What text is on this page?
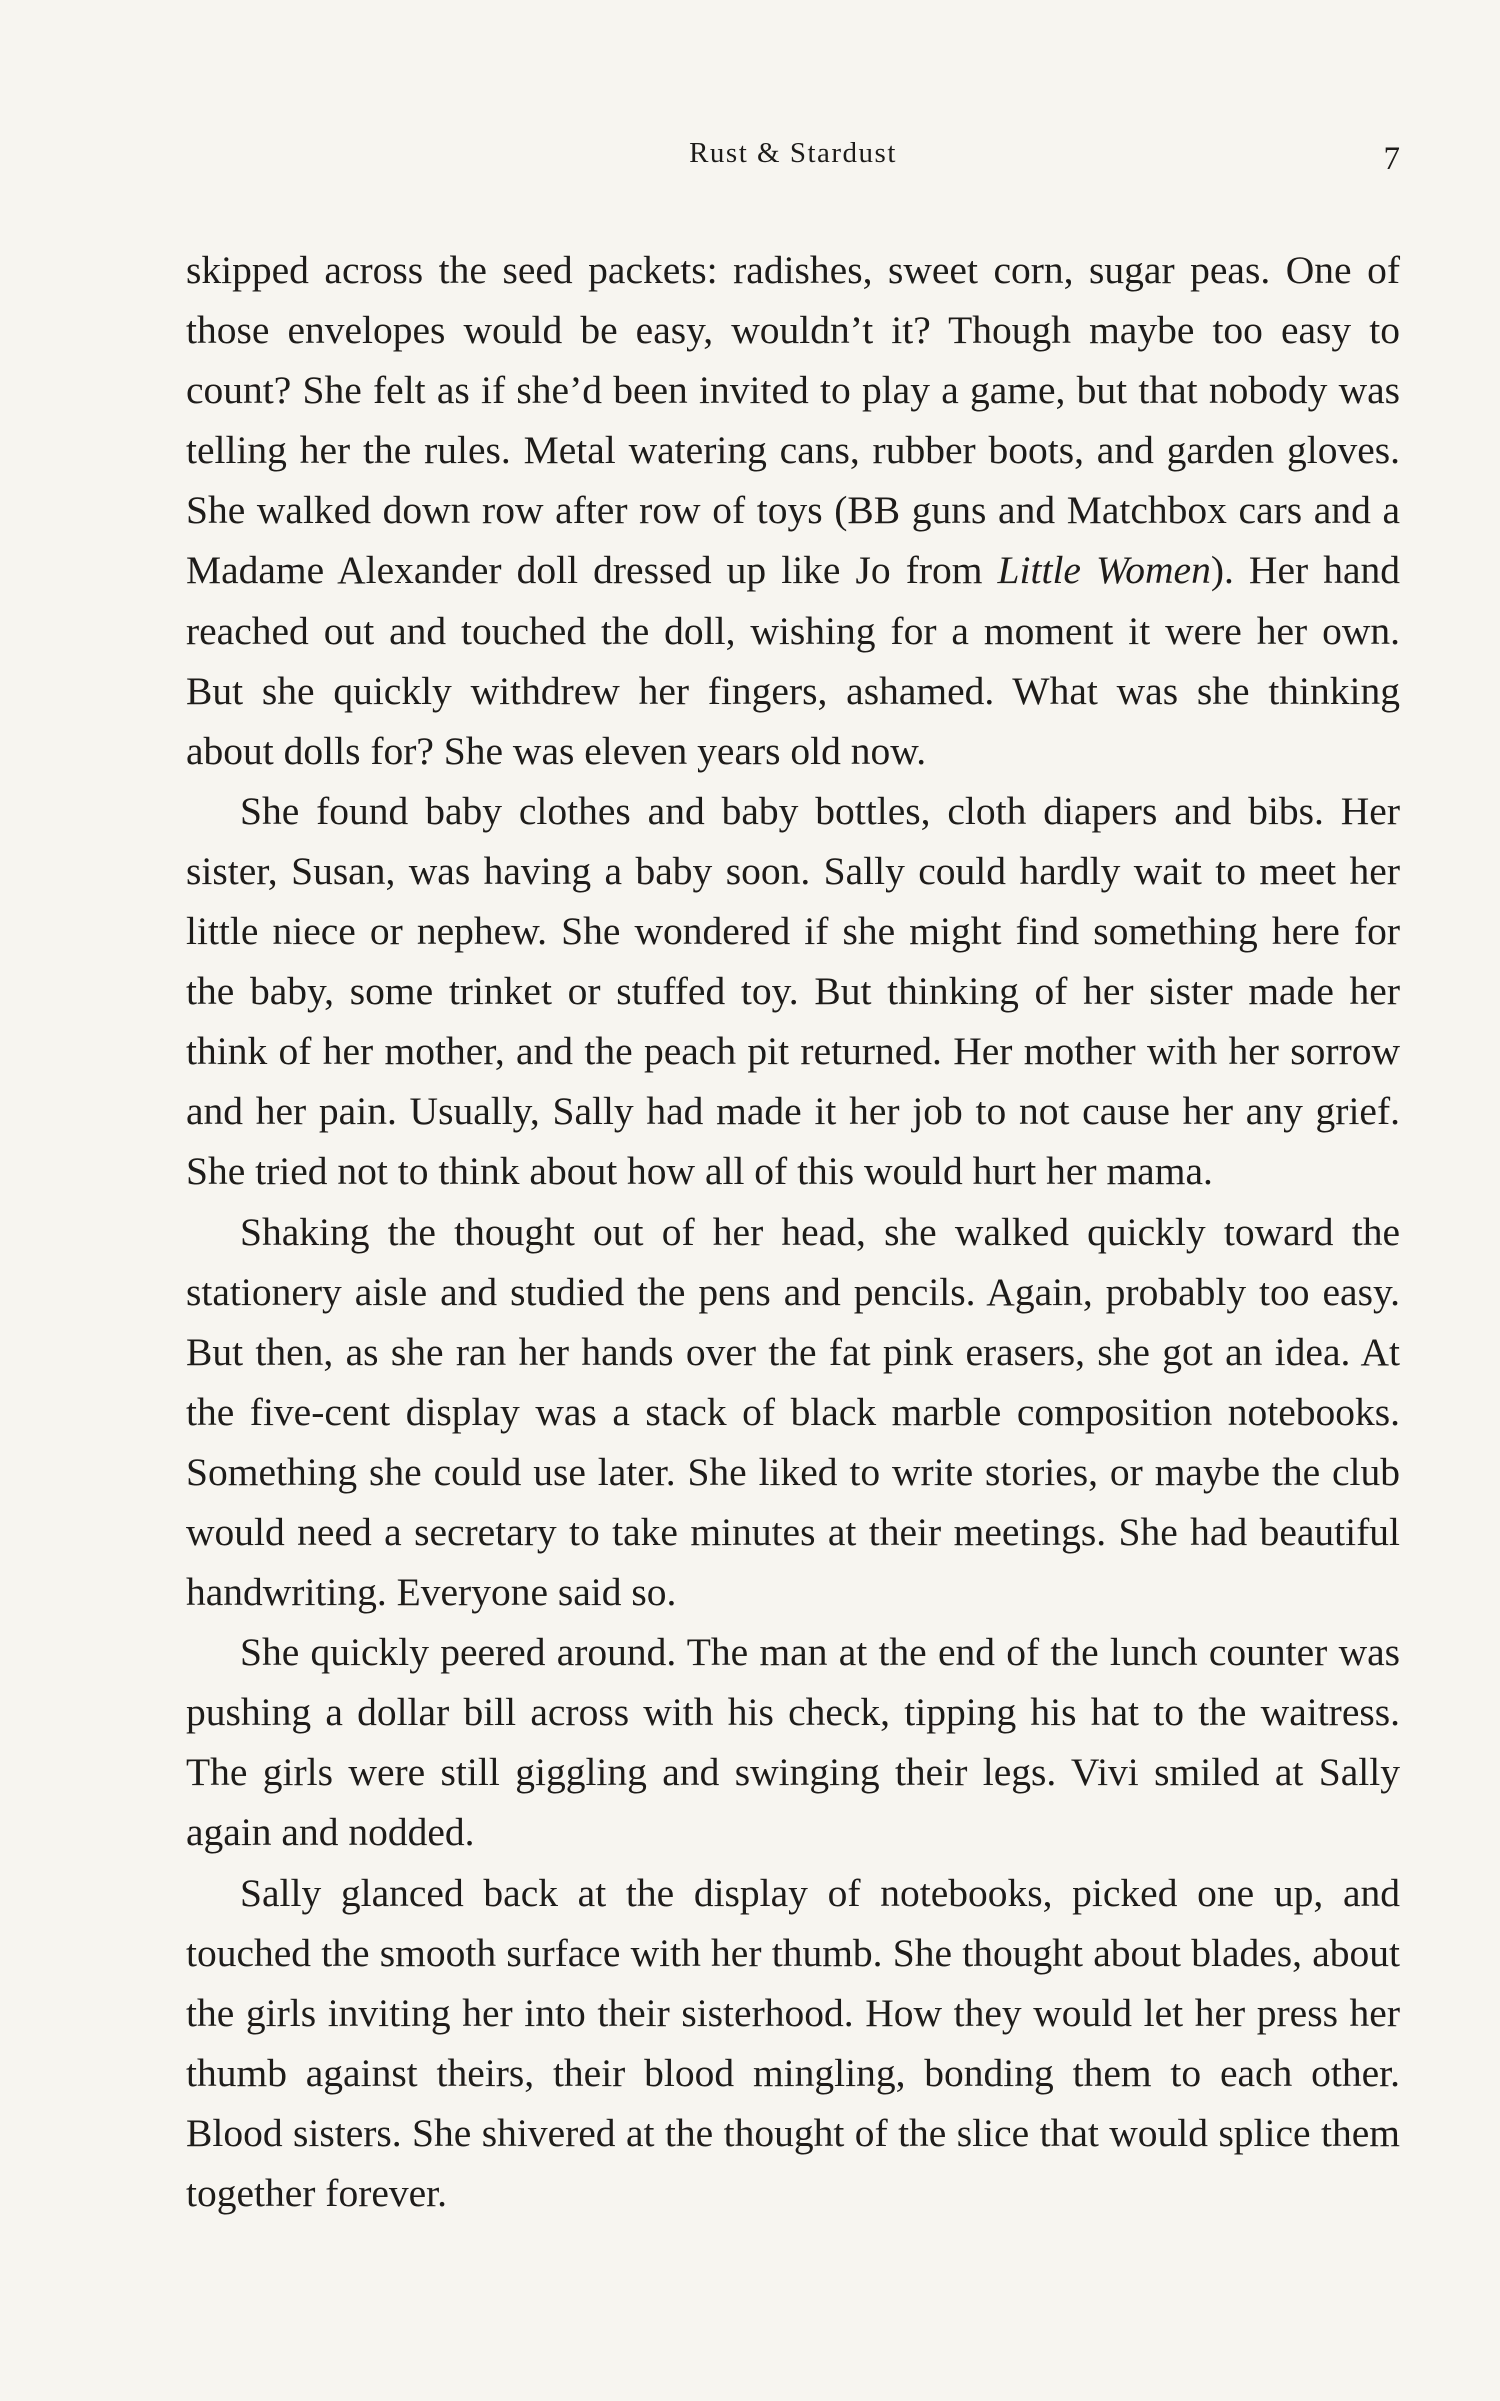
Rust & Stardust	7

skipped across the seed packets: radishes, sweet corn, sugar peas. One of those envelopes would be easy, wouldn’t it? Though maybe too easy to count? She felt as if she’d been invited to play a game, but that nobody was telling her the rules. Metal watering cans, rubber boots, and garden gloves. She walked down row after row of toys (BB guns and Matchbox cars and a Madame Alexander doll dressed up like Jo from Little Women). Her hand reached out and touched the doll, wishing for a moment it were her own. But she quickly withdrew her fingers, ashamed. What was she thinking about dolls for? She was eleven years old now.

She found baby clothes and baby bottles, cloth diapers and bibs. Her sister, Susan, was having a baby soon. Sally could hardly wait to meet her little niece or nephew. She wondered if she might find something here for the baby, some trinket or stuffed toy. But thinking of her sister made her think of her mother, and the peach pit returned. Her mother with her sorrow and her pain. Usually, Sally had made it her job to not cause her any grief. She tried not to think about how all of this would hurt her mama.

Shaking the thought out of her head, she walked quickly toward the stationery aisle and studied the pens and pencils. Again, probably too easy. But then, as she ran her hands over the fat pink erasers, she got an idea. At the five-cent display was a stack of black marble composition notebooks. Something she could use later. She liked to write stories, or maybe the club would need a secretary to take minutes at their meetings. She had beautiful handwriting. Everyone said so.

She quickly peered around. The man at the end of the lunch counter was pushing a dollar bill across with his check, tipping his hat to the waitress. The girls were still giggling and swinging their legs. Vivi smiled at Sally again and nodded.

Sally glanced back at the display of notebooks, picked one up, and touched the smooth surface with her thumb. She thought about blades, about the girls inviting her into their sisterhood. How they would let her press her thumb against theirs, their blood mingling, bonding them to each other. Blood sisters. She shivered at the thought of the slice that would splice them together forever.
